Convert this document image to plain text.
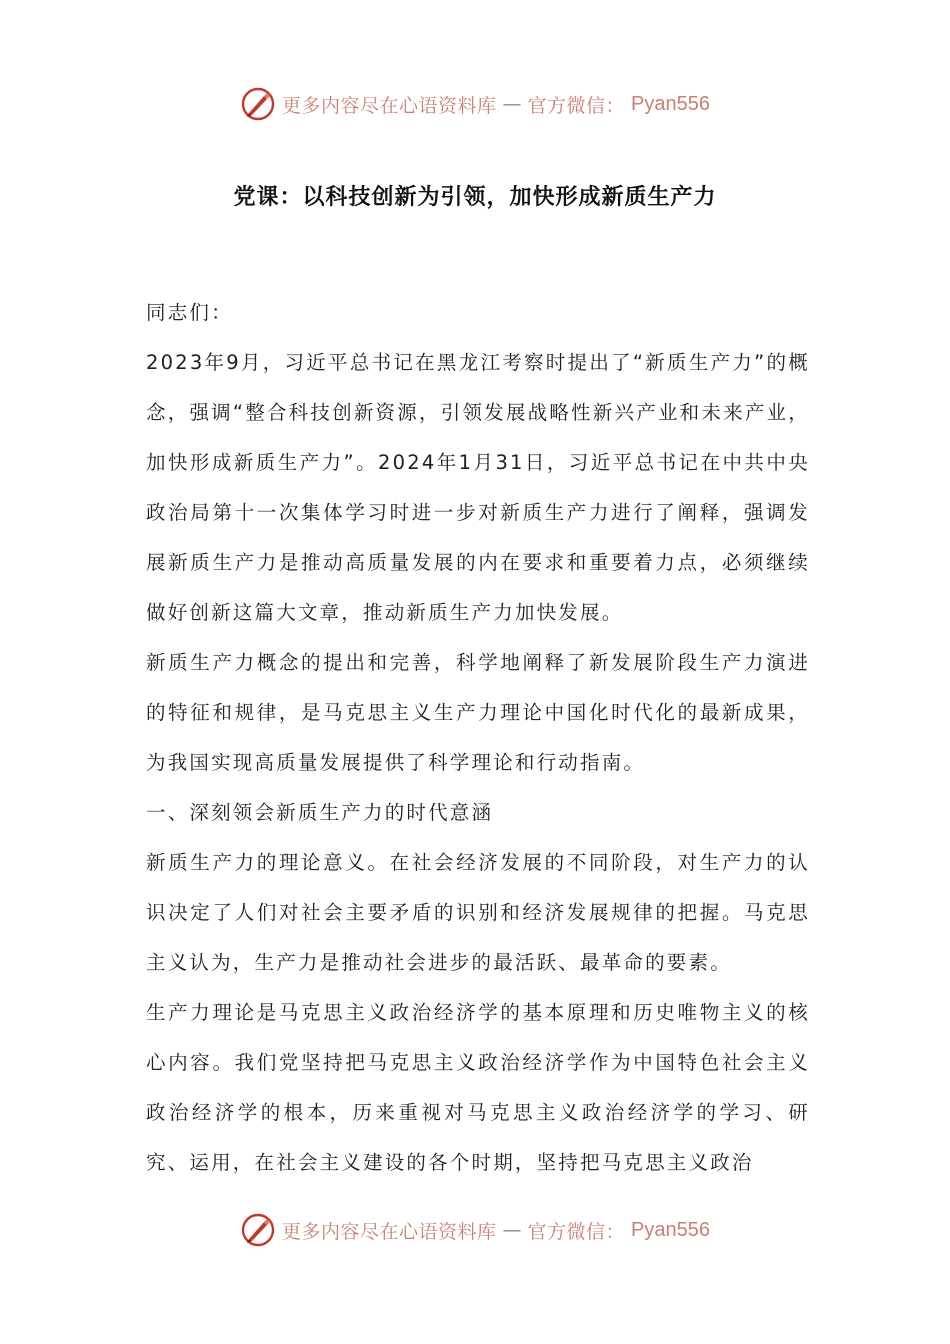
更多内容尽在心语资料库 — 官方微信： Pyan556
党课：以科技创新为引领，加快形成新质生产力

同志们：

2023年9月，习近平总书记在黑龙江考察时提出了“新质生产力”的概念，强调“整合科技创新资源，引领发展战略性新兴产业和未来产业，加快形成新质生产力”。2024年1月31日，习近平总书记在中共中央政治局第十一次集体学习时进一步对新质生产力进行了阐释，强调发展新质生产力是推动高质量发展的内在要求和重要着力点，必须继续做好创新这篇大文章，推动新质生产力加快发展。

新质生产力概念的提出和完善，科学地阐释了新发展阶段生产力演进的特征和规律，是马克思主义生产力理论中国化时代化的最新成果，为我国实现高质量发展提供了科学理论和行动指南。

一、深刻领会新质生产力的时代意涵

新质生产力的理论意义。在社会经济发展的不同阶段，对生产力的认识决定了人们对社会主要矛盾的识别和经济发展规律的把握。马克思主义认为，生产力是推动社会进步的最活跃、最革命的要素。

生产力理论是马克思主义政治经济学的基本原理和历史唯物主义的核心内容。我们党坚持把马克思主义政治经济学作为中国特色社会主义政治经济学的根本，历来重视对马克思主义政治经济学的学习、研究、运用，在社会主义建设的各个时期，坚持把马克思主义政治

更多内容尽在心语资料库 — 官方微信： Pyan556
